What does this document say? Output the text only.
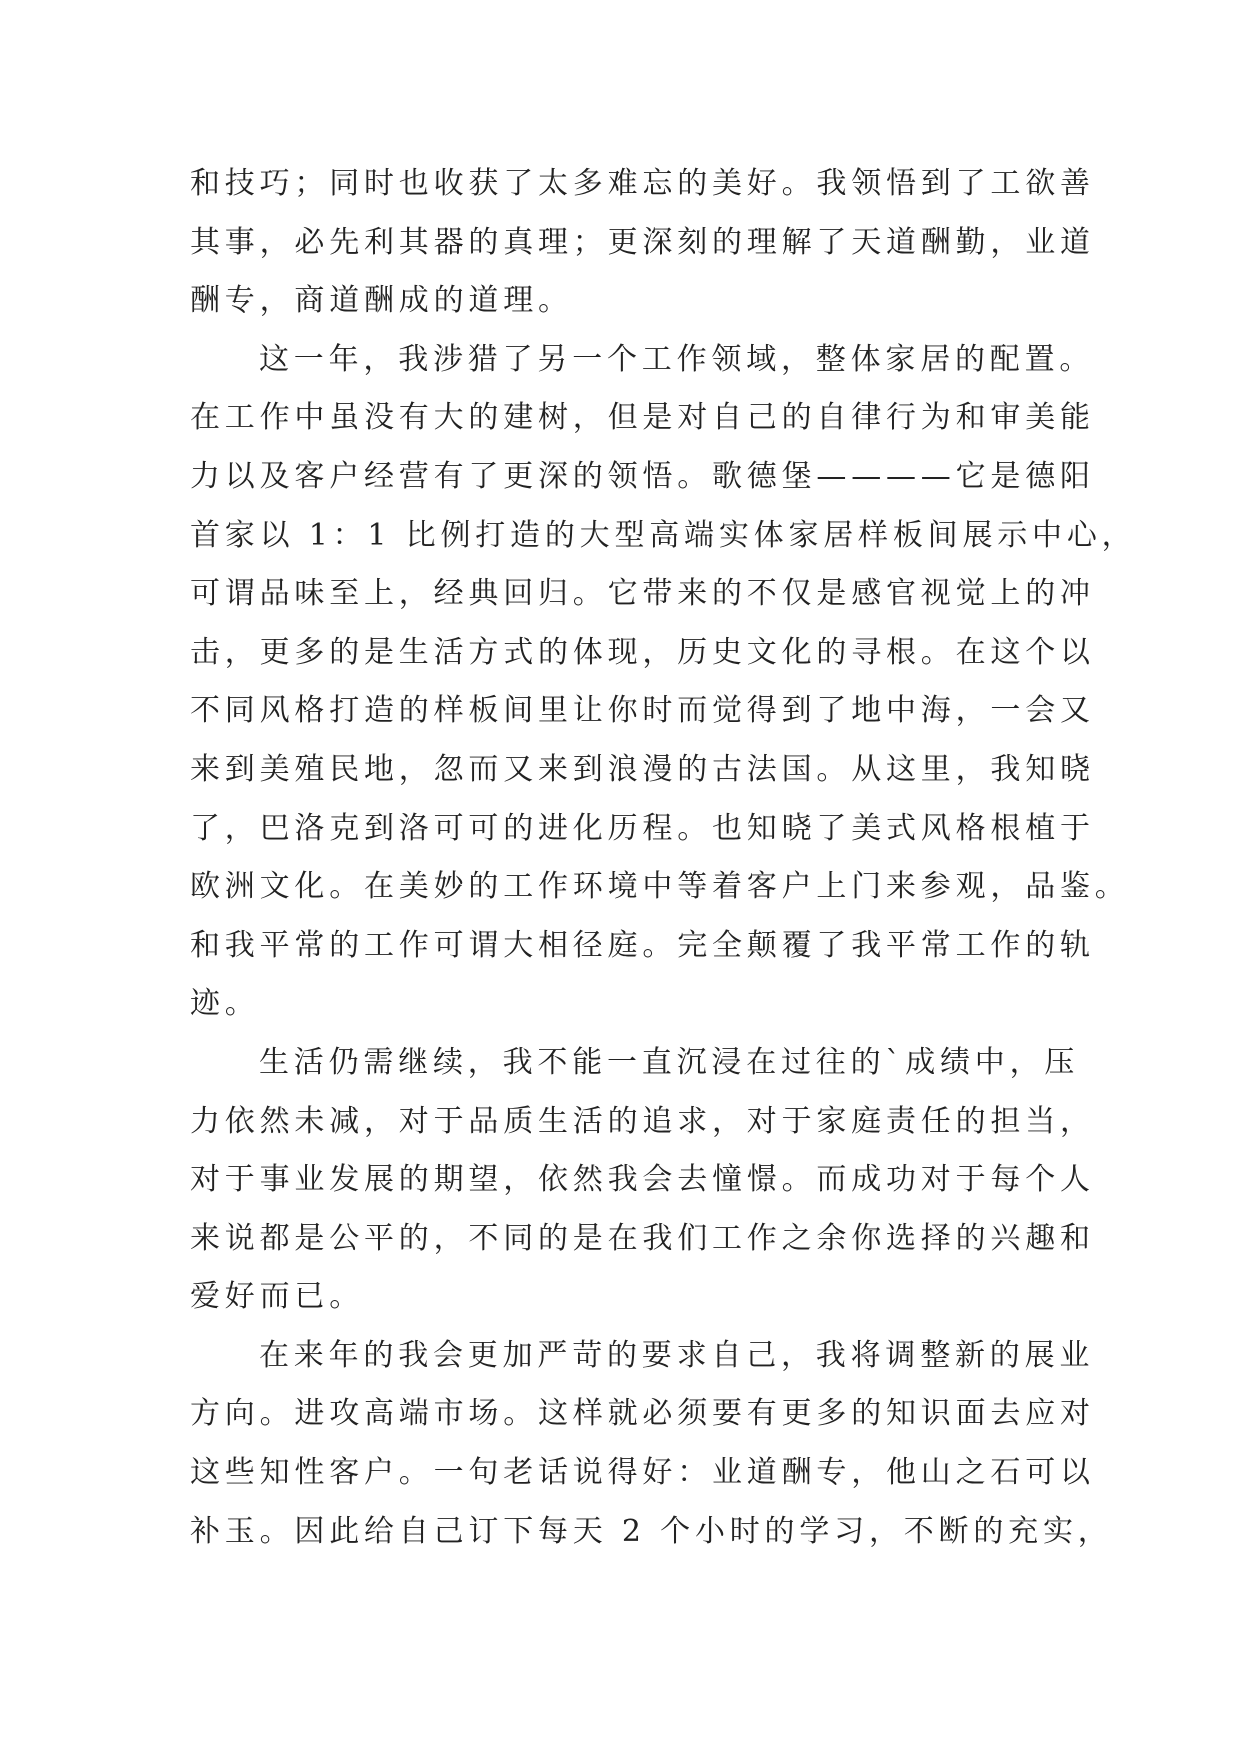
和技巧；同时也收获了太多难忘的美好。我领悟到了工欲善
其事，必先利其器的真理；更深刻的理解了天道酬勤，业道
酬专，商道酬成的道理。
这一年，我涉猎了另一个工作领域，整体家居的配置。
在工作中虽没有大的建树，但是对自己的自律行为和审美能
力以及客户经营有了更深的领悟。歌德堡————它是德阳
首家以 1：1 比例打造的大型高端实体家居样板间展示中心，
可谓品味至上，经典回归。它带来的不仅是感官视觉上的冲
击，更多的是生活方式的体现，历史文化的寻根。在这个以
不同风格打造的样板间里让你时而觉得到了地中海，一会又
来到美殖民地，忽而又来到浪漫的古法国。从这里，我知晓
了，巴洛克到洛可可的进化历程。也知晓了美式风格根植于
欧洲文化。在美妙的工作环境中等着客户上门来参观，品鉴。
和我平常的工作可谓大相径庭。完全颠覆了我平常工作的轨
迹。
生活仍需继续，我不能一直沉浸在过往的`成绩中，压
力依然未减，对于品质生活的追求，对于家庭责任的担当，
对于事业发展的期望，依然我会去憧憬。而成功对于每个人
来说都是公平的，不同的是在我们工作之余你选择的兴趣和
爱好而已。
在来年的我会更加严苛的要求自己，我将调整新的展业
方向。进攻高端市场。这样就必须要有更多的知识面去应对
这些知性客户。一句老话说得好：业道酬专，他山之石可以
补玉。因此给自己订下每天 2 个小时的学习，不断的充实，
